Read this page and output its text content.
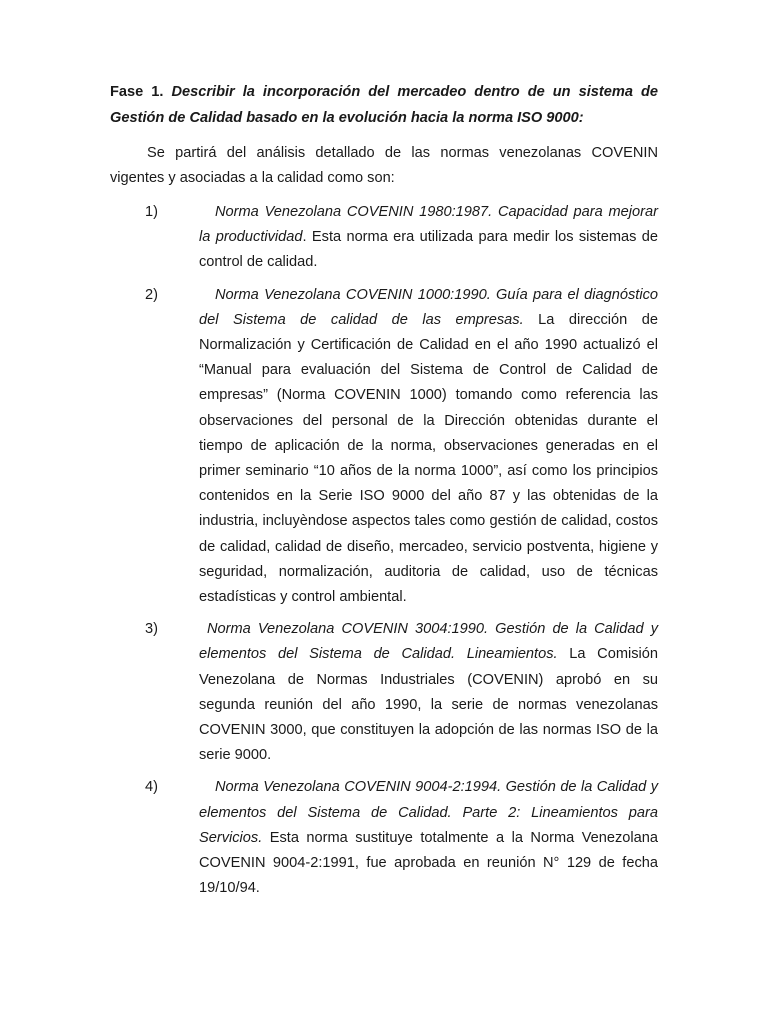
Fase 1. Describir la incorporación del mercadeo dentro de un sistema de Gestión de Calidad basado en la evolución hacia la norma ISO 9000:

Se partirá del análisis detallado de las normas venezolanas COVENIN vigentes y asociadas a la calidad como son:

1)	Norma Venezolana COVENIN 1980:1987. Capacidad para mejorar la productividad. Esta norma era utilizada para medir los sistemas de control de calidad.
2)	Norma Venezolana COVENIN 1000:1990. Guía para el diagnóstico del Sistema de calidad de las empresas. La dirección de Normalización y Certificación de Calidad en el año 1990 actualizó el “Manual para evaluación del Sistema de Control de Calidad de empresas” (Norma COVENIN 1000) tomando como referencia las observaciones del personal de la Dirección obtenidas durante el tiempo de aplicación de la norma, observaciones generadas en el primer seminario “10 años de la norma 1000”, así como los principios contenidos en la Serie ISO 9000 del año 87 y las obtenidas de la industria, incluyèndose aspectos tales como gestión de calidad, costos de calidad, calidad de diseño, mercadeo, servicio postventa, higiene y seguridad, normalización, auditoria de calidad, uso de técnicas estadísticas y control ambiental.
3)	Norma Venezolana COVENIN 3004:1990. Gestión de la Calidad y elementos del Sistema de Calidad. Lineamientos. La Comisión Venezolana de Normas Industriales (COVENIN) aprobó en su segunda reunión del año 1990, la serie de normas venezolanas COVENIN 3000, que constituyen la adopción de las normas ISO de la serie 9000.
4)	Norma Venezolana COVENIN 9004-2:1994. Gestión de la Calidad y elementos del Sistema de Calidad. Parte 2: Lineamientos para Servicios. Esta norma sustituye totalmente a la Norma Venezolana COVENIN 9004-2:1991, fue aprobada en reunión N° 129 de fecha 19/10/94.
